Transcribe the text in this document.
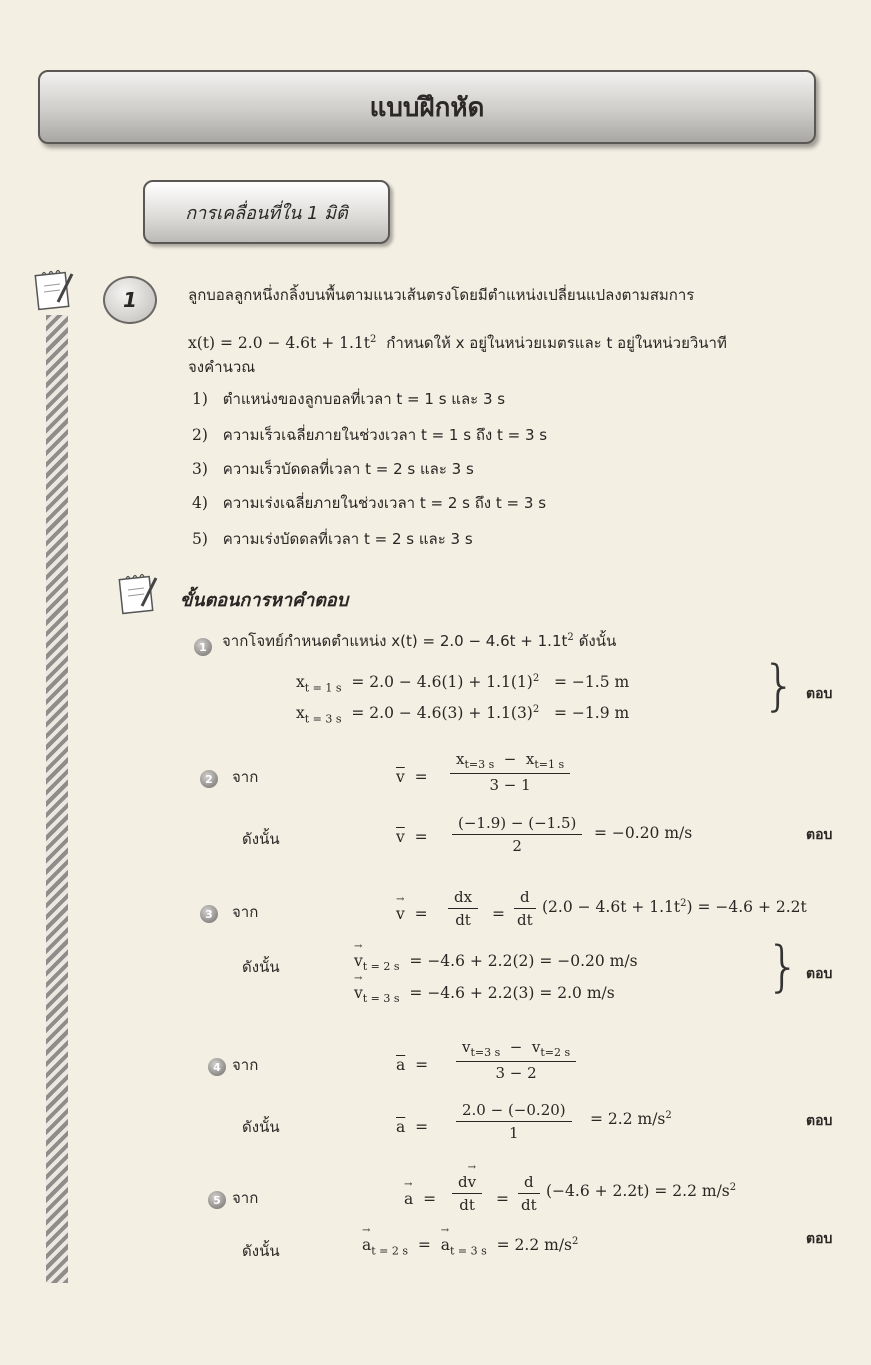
แบบฝึกหัด
การเคลื่อนที่ใน 1 มิติ
1	ลูกบอลลูกหนึ่งกลิ้งบนพื้นตามแนวเส้นตรงโดยมีตำแหน่งเปลี่ยนแปลงตามสมการ
$x(t) = 2.0 - 4.6t + 1.1t^2$ กำหนดให้ x อยู่ในหน่วยเมตรและ t อยู่ในหน่วยวินาที
จงคำนวณ
1) ตำแหน่งของลูกบอลที่เวลา t = 1 s และ 3 s
2) ความเร็วเฉลี่ยภายในช่วงเวลา t = 1 s ถึง t = 3 s
3) ความเร็วบัดดลที่เวลา t = 2 s และ 3 s
4) ความเร่งเฉลี่ยภายในช่วงเวลา t = 2 s ถึง t = 3 s
5) ความเร่งบัดดลที่เวลา t = 2 s และ 3 s
ขั้นตอนการหาคำตอบ
1	จากโจทย์กำหนดตำแหน่ง $x(t) = 2.0 - 4.6t + 1.1t^2$ ดังนั้น
$x_{t = 1 s} = 2.0 - 4.6(1) + 1.1(1)^2 = -1.5$ m
$x_{t = 3 s} = 2.0 - 4.6(3) + 1.1(3)^2 = -1.9$ m } ตอบ
2	จาก	$\overline{v} = \frac{x_{t=3 s} - x_{t=1 s}}{3 - 1}$
ดังนั้น	$\overline{v} = \frac{(-1.9) - (-1.5)}{2} = -0.20$ m/s	ตอบ
3	จาก	→ $v = \frac{dx}{dt} = \frac{d}{dt} (2.0 - 4.6t + 1.1t^2) = -4.6 + 2.2t$
ดังนั้น	→ $v_{t = 2 s} = -4.6 + 2.2(2) = -0.20$ m/s
→ $v_{t = 3 s} = -4.6 + 2.2(3) = 2.0$ m/s	} ตอบ
4 จาก	$\overline{a} = \frac{v_{t=3 s} - v_{t=2 s}}{3 - 2}$
ดังนั้น	$\overline{a} = \frac{2.0 - (-0.20)}{1} = 2.2$ $m/s^2$	ตอบ
5 จาก	→ $a = \frac{d\to v}{dt} = \frac{d}{dt} (-4.6 + 2.2t) = 2.2$ $m/s^2$
ดังนั้น	→ $a_{t = 2 s}$  =  → $a_{t = 3 s} = 2.2$ $m/s^2$	ตอบ
